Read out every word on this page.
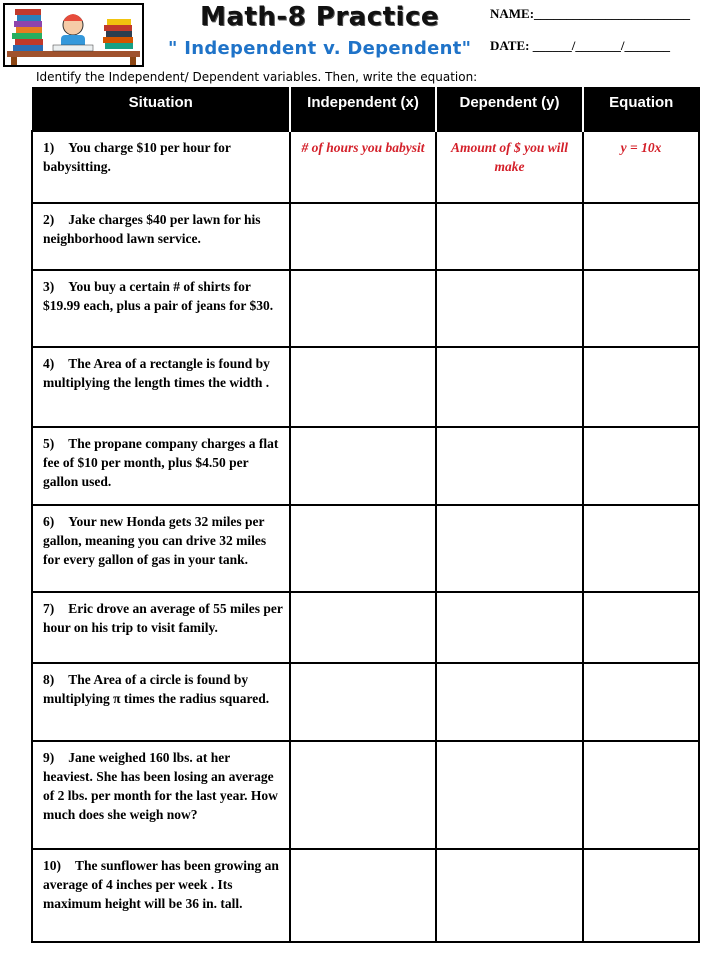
Math-8 Practice
" Independent v. Dependent"
NAME:________________________
DATE: ______/_______/_______
Identify the Independent/ Dependent variables. Then, write the equation:
Situation	Independent (x)	Dependent (y)	Equation
1) You charge $10 per hour for babysitting.	# of hours you babysit	Amount of $ you will make	y = 10x
2) Jake charges $40 per lawn for his neighborhood lawn service.			
3) You buy a certain # of shirts for $19.99 each, plus a pair of jeans for $30.			
4) The Area of a rectangle is found by multiplying the length times the width .			
5) The propane company charges a flat fee of $10 per month, plus $4.50 per gallon used.			
6) Your new Honda gets 32 miles per gallon, meaning you can drive 32 miles for every gallon of gas in your tank.			
7) Eric drove an average of 55 miles per hour on his trip to visit family.			
8) The Area of a circle is found by multiplying π times the radius squared.			
9) Jane weighed 160 lbs. at her heaviest. She has been losing an average of 2 lbs. per month for the last year. How much does she weigh now?			
10) The sunflower has been growing an average of 4 inches per week . Its maximum height will be 36 in. tall.			
